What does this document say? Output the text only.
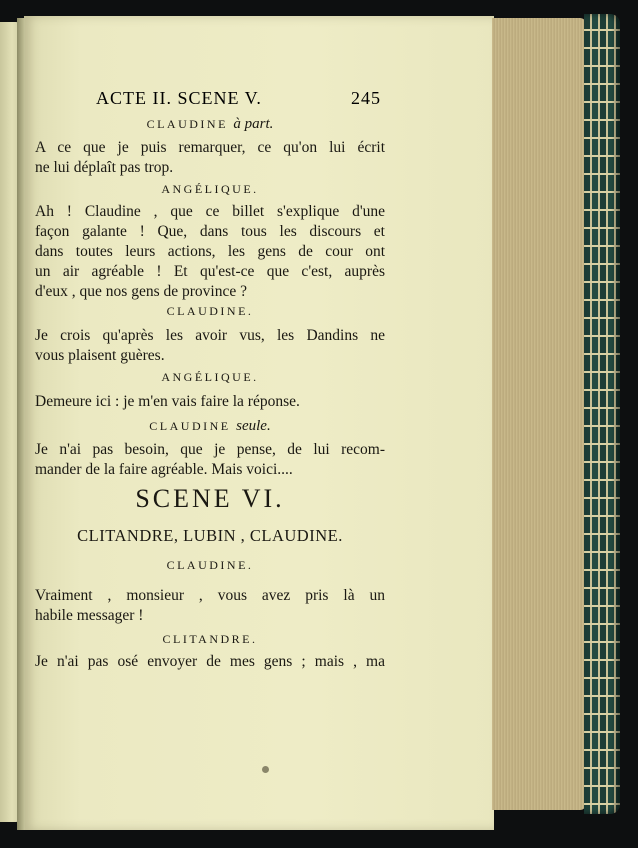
ACTE II. SCENE V.	245
CLAUDINE à part.
A ce que je puis remarquer, ce qu'on lui écrit
ne lui déplaît pas trop.
ANGÉLIQUE.
Ah ! Claudine , que ce billet s'explique d'une
façon galante ! Que, dans tous les discours et
dans toutes leurs actions, les gens de cour ont
un air agréable ! Et qu'est-ce que c'est, auprès
d'eux , que nos gens de province ?
CLAUDINE.
Je crois qu'après les avoir vus, les Dandins ne
vous plaisent guères.
ANGÉLIQUE.
Demeure ici : je m'en vais faire la réponse.
CLAUDINE seule.
Je n'ai pas besoin, que je pense, de lui recom-
mander de la faire agréable. Mais voici....
SCENE VI.
CLITANDRE, LUBIN , CLAUDINE.
CLAUDINE.
Vraiment , monsieur , vous avez pris là un
habile messager !
CLITANDRE.
Je n'ai pas osé envoyer de mes gens ; mais , ma
